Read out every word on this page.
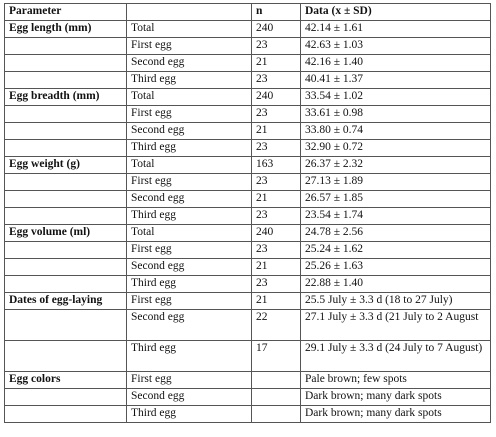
Parameter		n	Data (x ± SD)
Egg length (mm)	Total	240	42.14 ± 1.61
	First egg	23	42.63 ± 1.03
	Second egg	21	42.16 ± 1.40
	Third egg	23	40.41 ± 1.37
Egg breadth (mm)	Total	240	33.54 ± 1.02
	First egg	23	33.61 ± 0.98
	Second egg	21	33.80 ± 0.74
	Third egg	23	32.90 ± 0.72
Egg weight (g)	Total	163	26.37 ± 2.32
	First egg	23	27.13 ± 1.89
	Second egg	21	26.57 ± 1.85
	Third egg	23	23.54 ± 1.74
Egg volume (ml)	Total	240	24.78 ± 2.56
	First egg	23	25.24 ± 1.62
	Second egg	21	25.26 ± 1.63
	Third egg	23	22.88 ± 1.40
Dates of egg-laying	First egg	21	25.5 July ± 3.3 d (18 to 27 July)
	Second egg	22	27.1 July ± 3.3 d (21 July to 2 August
	Third egg	17	29.1 July ± 3.3 d (24 July to 7 August)
Egg colors	First egg		Pale brown; few spots
	Second egg		Dark brown; many dark spots
	Third egg		Dark brown; many dark spots
